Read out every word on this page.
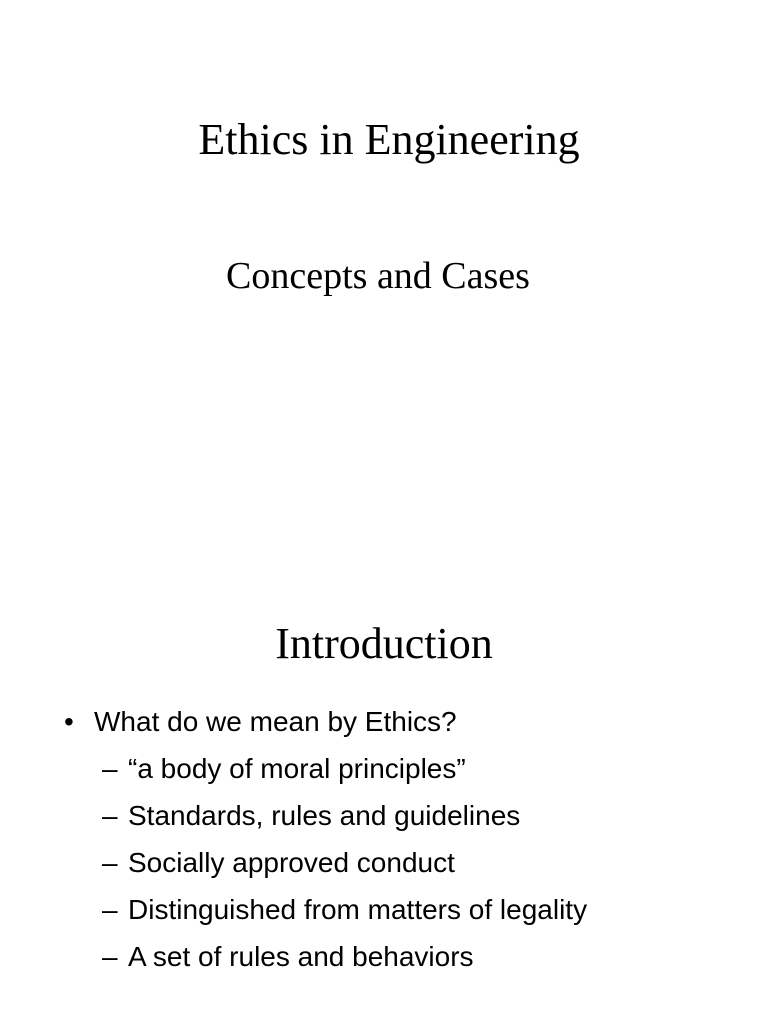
Ethics in Engineering
Concepts and Cases
Introduction
• What do we mean by Ethics?
– “a body of moral principles”
– Standards, rules and guidelines
– Socially approved conduct
– Distinguished from matters of legality
– A set of rules and behaviors
